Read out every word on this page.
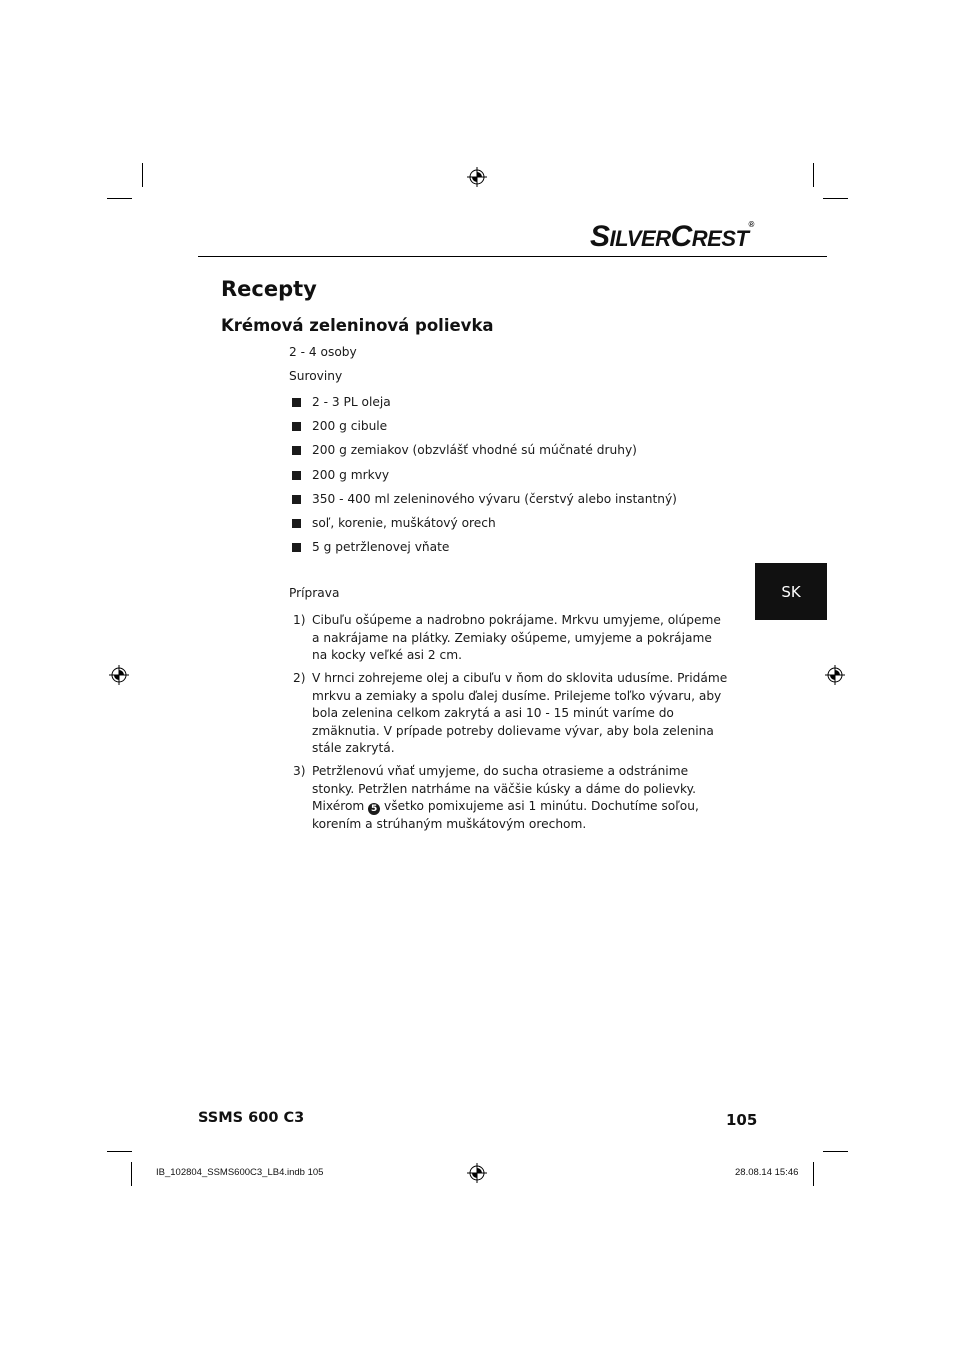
SILVERCREST®
Recepty
Krémová zeleninová polievka
2 - 4 osoby
Suroviny
2 - 3 PL oleja
200 g cibule
200 g zemiakov (obzvlášť vhodné sú múčnaté druhy)
200 g mrkvy
350 - 400 ml zeleninového vývaru (čerstvý alebo instantný)
soľ, korenie, muškátový orech
5 g petržlenovej vňate
Príprava
1) Cibuľu ošúpeme a nadrobno pokrájame. Mrkvu umyjeme, olúpeme a nakrájame na plátky. Zemiaky ošúpeme, umyjeme a pokrájame na kocky veľké asi 2 cm.
2) V hrnci zohrejeme olej a cibuľu v ňom do sklovita udusíme. Pridáme mrkvu a zemiaky a spolu ďalej dusíme. Prilejeme toľko vývaru, aby bola zelenina celkom zakrytá a asi 10 - 15 minút varíme do zmäknutia. V prípade potreby dolievame vývar, aby bola zelenina stále zakrytá.
3) Petržlenovú vňať umyjeme, do sucha otrasieme a odstránime stonky. Petržlen natrháme na väčšie kúsky a dáme do polievky. Mixérom 5 všetko pomixujeme asi 1 minútu. Dochutíme soľou, korením a strúhaným muškátovým orechom.
SK
SSMS 600 C3	105
IB_102804_SSMS600C3_LB4.indb 105	28.08.14 15:46
